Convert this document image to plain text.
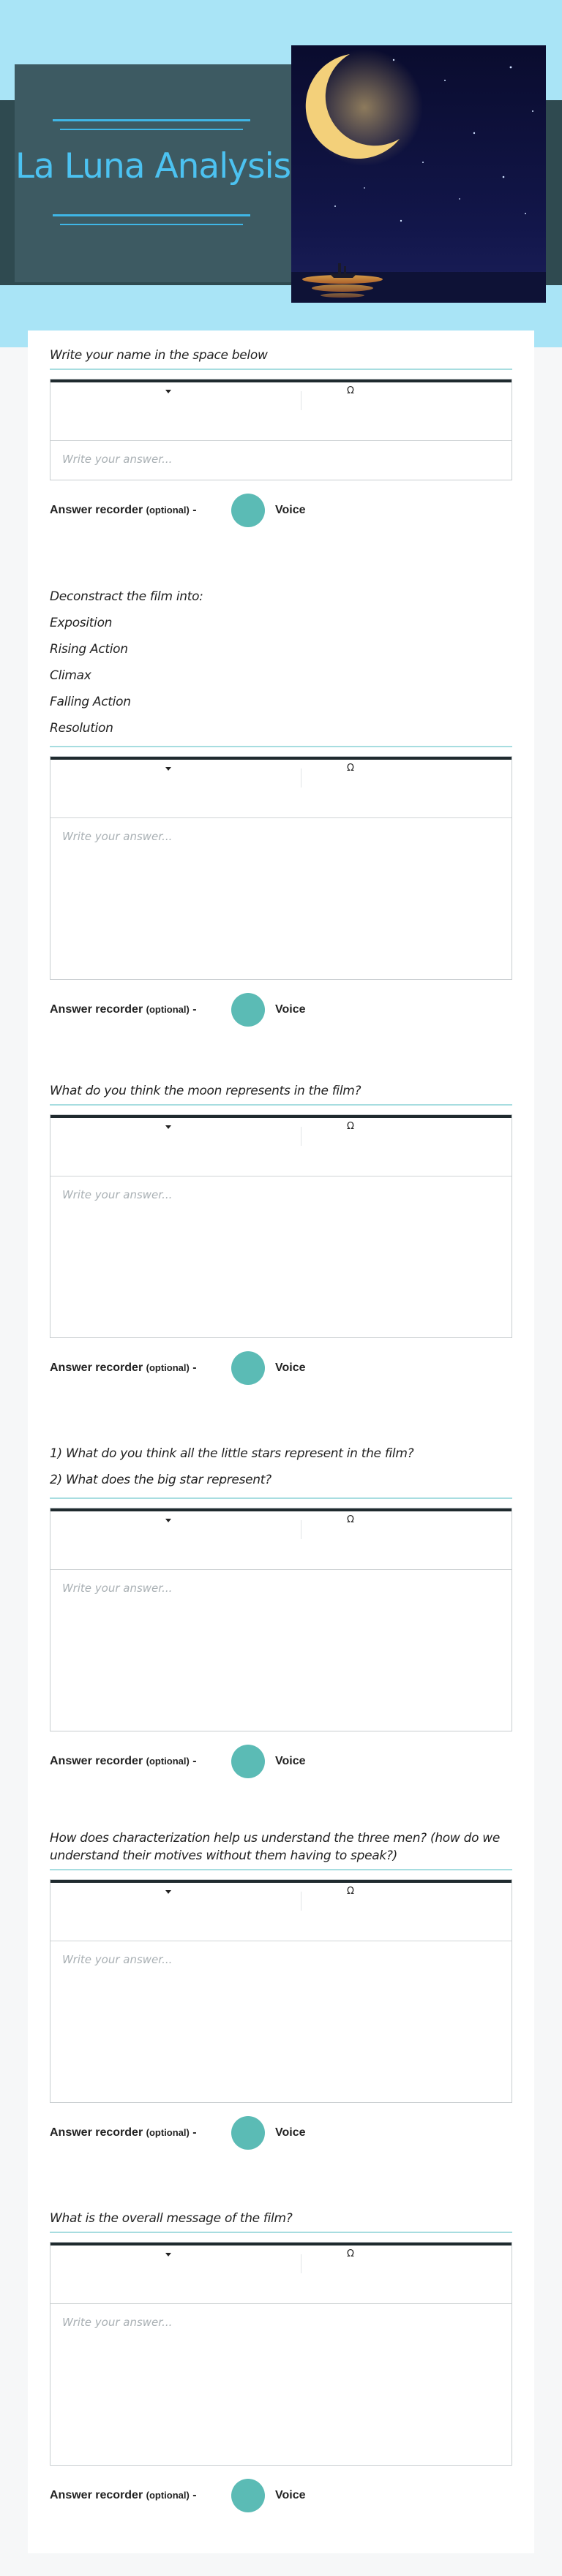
La Luna Analysis
Write your name in the space below
Ω
Write your answer...
Answer recorder (optional) -	Voice
Deconstract the film into:
Exposition
Rising Action
Climax
Falling Action
Resolution
Ω
Write your answer...
Answer recorder (optional) -	Voice
What do you think the moon represents in the film?
Ω
Write your answer...
Answer recorder (optional) -	Voice
1) What do you think all the little stars represent in the film?
2) What does the big star represent?
Ω
Write your answer...
Answer recorder (optional) -	Voice
How does characterization help us understand the three men? (how do we understand their motives without them having to speak?)
Ω
Write your answer...
Answer recorder (optional) -	Voice
What is the overall message of the film?
Ω
Write your answer...
Answer recorder (optional) -	Voice
